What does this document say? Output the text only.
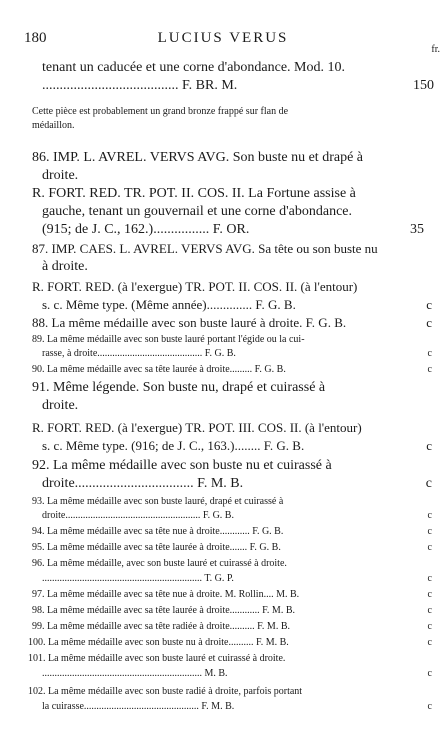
180	LUCIUS VERUS
fr.
tenant un caducée et une corne d'abondance. Mod. 10.
....................................... F. BR. M.	150
Cette pièce est probablement un grand bronze frappé sur flan de
médaillon.
86. IMP. L. AVREL. VERVS AVG. Son buste nu et drapé à
droite.
R. FORT. RED. TR. POT. II. COS. II. La Fortune assise à
gauche, tenant un gouvernail et une corne d'abondance.
(915; de J. C., 162.)................ F. OR.	35
87. IMP. CAES. L. AVREL. VERVS AVG. Sa tête ou son buste nu
à droite.
R. FORT. RED. (à l'exergue) TR. POT. II. COS. II. (à l'entour)
s. c. Même type. (Même année).............. F. G. B.	c
88. La même médaille avec son buste lauré à droite. F. G. B.	c
89. La même médaille avec son buste lauré portant l'égide ou la cui-
rasse, à droite.......................................... F. G. B.	c
90. La même médaille avec sa tête laurée à droite......... F. G. B.	c
91. Même légende. Son buste nu, drapé et cuirassé à
droite.
R. FORT. RED. (à l'exergue) TR. POT. III. COS. II. (à l'entour)
s. c. Même type. (916; de J. C., 163.)........ F. G. B.	c
92. La même médaille avec son buste nu et cuirassé à
droite.................................. F. M. B.	c
93. La même médaille avec son buste lauré, drapé et cuirassé à
droite...................................................... F. G. B.	c
94. La même médaille avec sa tête nue à droite............ F. G. B.	c
95. La même médaille avec sa tête laurée à droite....... F. G. B.	c
96. La même médaille, avec son buste lauré et cuirassé à droite.
................................................................ T. G. P.	c
97. La même médaille avec sa tête nue à droite. M. Rollin.... M. B.	c
98. La même médaille avec sa tête laurée à droite............ F. M. B.	c
99. La même médaille avec sa tête radiée à droite.......... F. M. B.	c
100. La même médaille avec son buste nu à droite.......... F. M. B.	c
101. La même médaille avec son buste lauré et cuirassé à droite.
................................................................ M. B.	c
102. La même médaille avec son buste radié à droite, parfois portant
la cuirasse.............................................. F. M. B.	c
